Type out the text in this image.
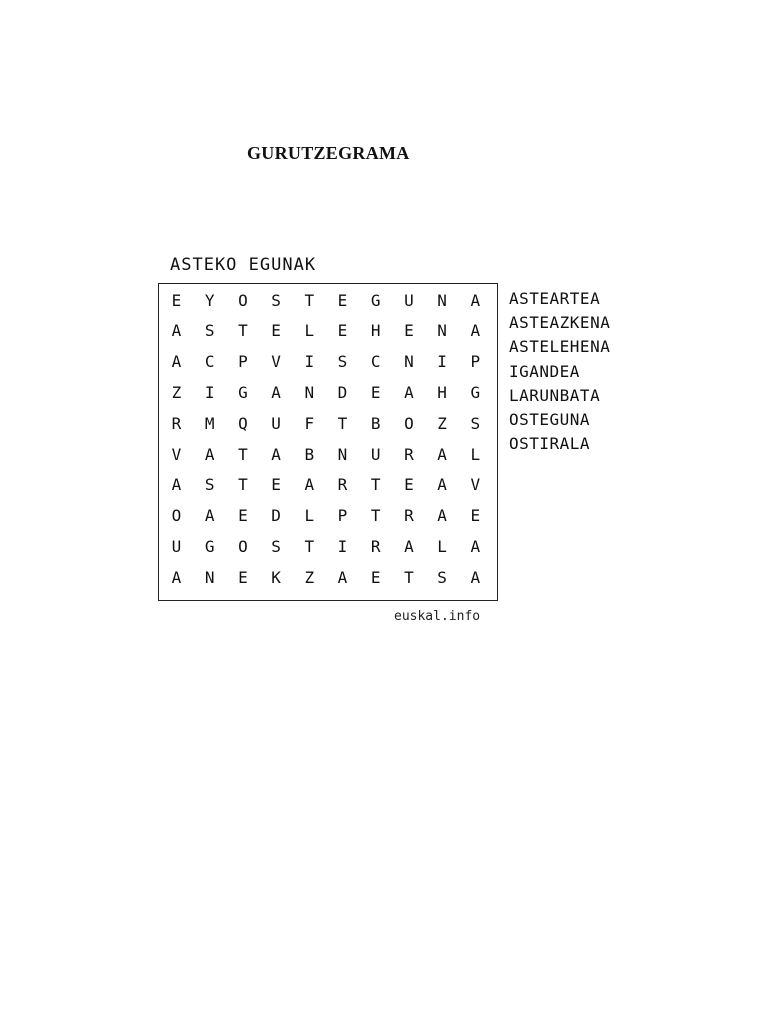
GURUTZEGRAMA
ASTEKO EGUNAK
E	Y	O	S	T	E	G	U	N	A
A	S	T	E	L	E	H	E	N	A
A	C	P	V	I	S	C	N	I	P
Z	I	G	A	N	D	E	A	H	G
R	M	Q	U	F	T	B	O	Z	S
V	A	T	A	B	N	U	R	A	L
A	S	T	E	A	R	T	E	A	V
O	A	E	D	L	P	T	R	A	E
U	G	O	S	T	I	R	A	L	A
A	N	E	K	Z	A	E	T	S	A
ASTEARTEA
ASTEAZKENA
ASTELEHENA
IGANDEA
LARUNBATA
OSTEGUNA
OSTIRALA
euskal.info
